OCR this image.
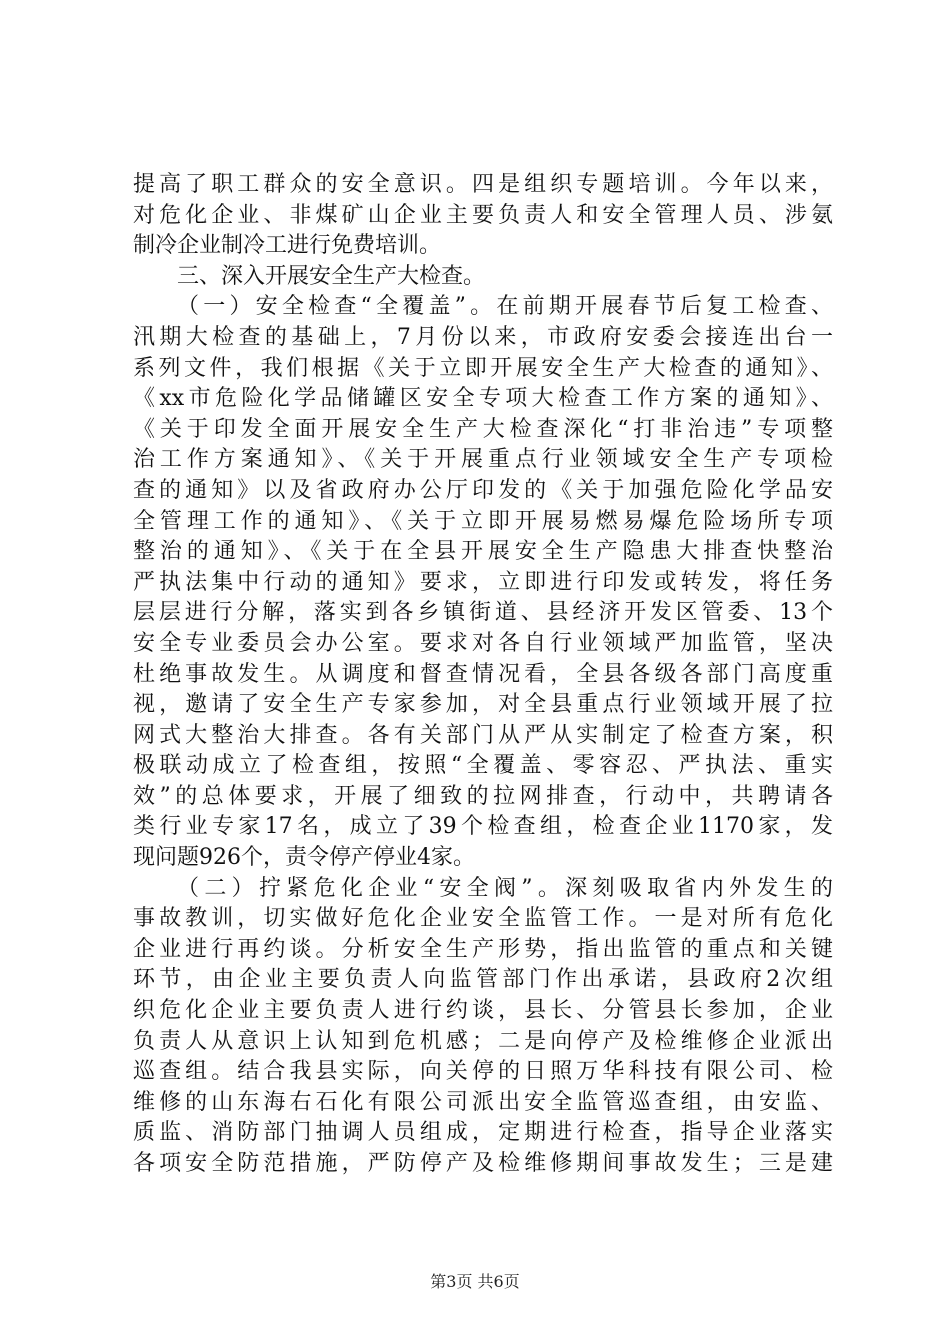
提高了职工群众的安全意识。四是组织专题培训。今年以来，
对危化企业、非煤矿山企业主要负责人和安全管理人员、涉氨
制冷企业制冷工进行免费培训。
三、深入开展安全生产大检查。
（一）安全检查“全覆盖”。在前期开展春节后复工检查、
汛期大检查的基础上，7月份以来，市政府安委会接连出台一
系列文件，我们根据《关于立即开展安全生产大检查的通知》、
《xx市危险化学品储罐区安全专项大检查工作方案的通知》、
《关于印发全面开展安全生产大检查深化“打非治违”专项整
治工作方案通知》、《关于开展重点行业领域安全生产专项检
查的通知》以及省政府办公厅印发的《关于加强危险化学品安
全管理工作的通知》、《关于立即开展易燃易爆危险场所专项
整治的通知》、《关于在全县开展安全生产隐患大排查快整治
严执法集中行动的通知》要求，立即进行印发或转发，将任务
层层进行分解，落实到各乡镇街道、县经济开发区管委、13个
安全专业委员会办公室。要求对各自行业领域严加监管，坚决
杜绝事故发生。从调度和督查情况看，全县各级各部门高度重
视，邀请了安全生产专家参加，对全县重点行业领域开展了拉
网式大整治大排查。各有关部门从严从实制定了检查方案，积
极联动成立了检查组，按照“全覆盖、零容忍、严执法、重实
效”的总体要求，开展了细致的拉网排查，行动中，共聘请各
类行业专家17名，成立了39个检查组，检查企业1170家，发
现问题926个，责令停产停业4家。
（二）拧紧危化企业“安全阀”。深刻吸取省内外发生的
事故教训，切实做好危化企业安全监管工作。一是对所有危化
企业进行再约谈。分析安全生产形势，指出监管的重点和关键
环节，由企业主要负责人向监管部门作出承诺，县政府2次组
织危化企业主要负责人进行约谈，县长、分管县长参加，企业
负责人从意识上认知到危机感；二是向停产及检维修企业派出
巡查组。结合我县实际，向关停的日照万华科技有限公司、检
维修的山东海右石化有限公司派出安全监管巡查组，由安监、
质监、消防部门抽调人员组成，定期进行检查，指导企业落实
各项安全防范措施，严防停产及检维修期间事故发生；三是建
第3页 共6页
